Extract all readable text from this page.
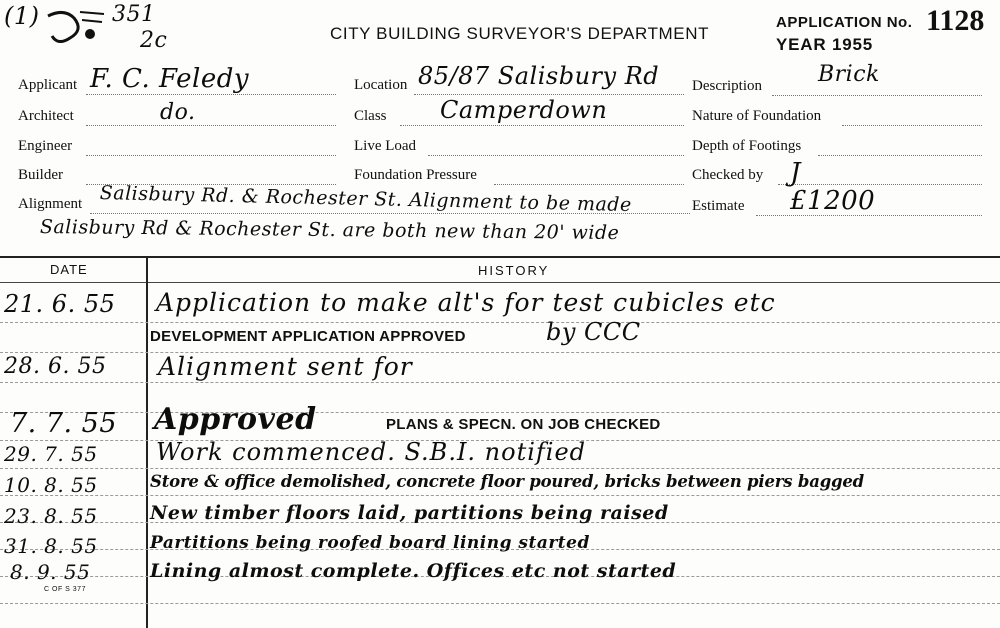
(1)	351
2c	CITY BUILDING SURVEYOR'S DEPARTMENT
APPLICATION No. 1128
YEAR 1955
Applicant F. C. Feledy
Architect	do.
Engineer
Builder
Alignment Salisbury Rd. & Rochester St. Alignment to be made
Salisbury Rd & Rochester St. are both new than 20' wide
Location 85/87 Salisbury Rd
Class Camperdown
Live Load
Foundation Pressure
Description	Brick
Nature of Foundation
Depth of Footings
Checked by J
Estimate £1200
DATE	HISTORY
21. 6. 55 Application to make alt's for test cubicles etc
DEVELOPMENT APPLICATION APPROVED	by CCC
28. 6. 55 Alignment sent for
7. 7. 55 Approved	PLANS & SPECN. ON JOB CHECKED
29. 7. 55 Work commenced. S.B.I. notified
10. 8. 55	Store & office demolished, concrete floor poured, bricks between piers bagged
23. 8. 55	New timber floors laid, partitions being raised
31. 8. 55	Partitions being roofed board lining started
8. 9. 55	Lining almost complete. Offices etc not started
C OF S 377
